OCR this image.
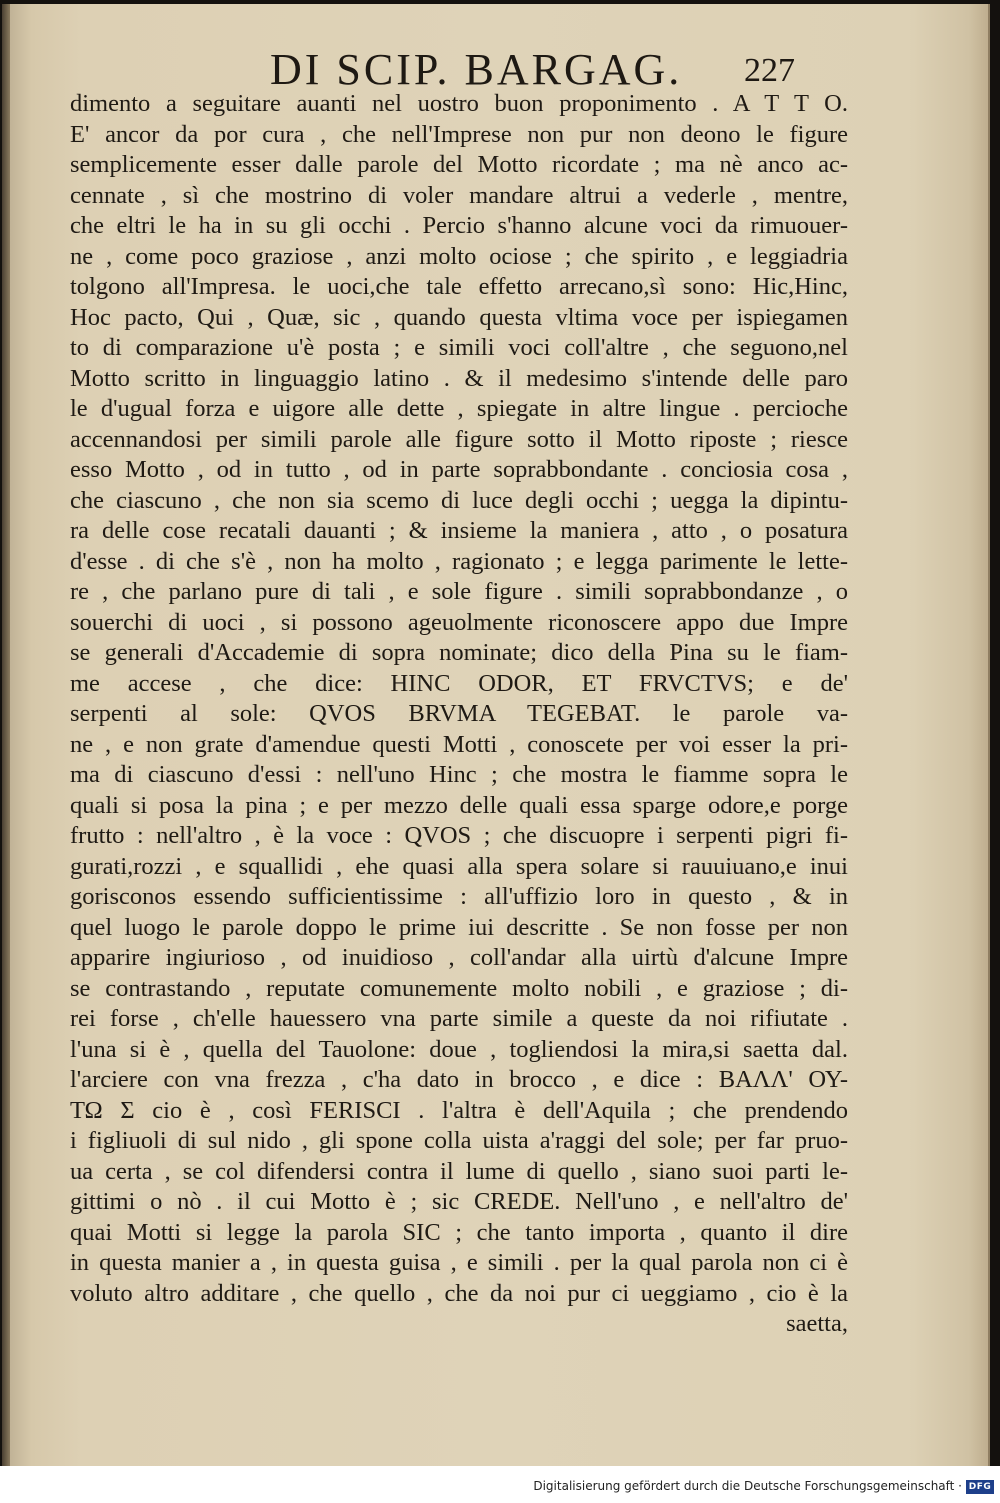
DI SCIP. BARGAG. 227
dimento a seguitare auanti nel uostro buon proponimento . A T T O.
E' ancor da por cura , che nell'Imprese non pur non deono le figure
semplicemente esser dalle parole del Motto ricordate ; ma nè anco ac-
cennate , sì che mostrino di voler mandare altrui a vederle , mentre,
che eltri le ha in su gli occhi . Percio s'hanno alcune voci da rimuouer-
ne , come poco graziose , anzi molto ociose ; che spirito , e leggiadria
tolgono all'Impresa. le uoci,che tale effetto arrecano,sì sono: Hic,Hinc,
Hoc pacto, Qui , Quæ, sic , quando questa vltima voce per ispiegamen
to di comparazione u'è posta ; e simili voci coll'altre , che seguono,nel
Motto scritto in linguaggio latino . & il medesimo s'intende delle paro
le d'ugual forza e uigore alle dette , spiegate in altre lingue . percioche
accennandosi per simili parole alle figure sotto il Motto riposte ; riesce
esso Motto , od in tutto , od in parte soprabbondante . conciosia cosa ,
che ciascuno , che non sia scemo di luce degli occhi ; uegga la dipintu-
ra delle cose recatali dauanti ; & insieme la maniera , atto , o posatura
d'esse . di che s'è , non ha molto , ragionato ; e legga parimente le lette-
re , che parlano pure di tali , e sole figure . simili soprabbondanze , o
souerchi di uoci , si possono ageuolmente riconoscere appo due Impre
se generali d'Accademie di sopra nominate; dico della Pina su le fiam-
me accese , che dice: HINC ODOR, ET FRVCTVS; e de'
serpenti al sole: QVOS BRVMA TEGEBAT. le parole va-
ne , e non grate d'amendue questi Motti , conoscete per voi esser la pri-
ma di ciascuno d'essi : nell'uno Hinc ; che mostra le fiamme sopra le
quali si posa la pina ; e per mezzo delle quali essa sparge odore,e porge
frutto : nell'altro , è la voce : QVOS ; che discuopre i serpenti pigri fi-
gurati,rozzi , e squallidi , ehe quasi alla spera solare si rauuiuano,e inui
gorisconos essendo sufficientissime : all'uffizio loro in questo , & in
quel luogo le parole doppo le prime iui descritte . Se non fosse per non
apparire ingiurioso , od inuidioso , coll'andar alla uirtù d'alcune Impre
se contrastando , reputate comunemente molto nobili , e graziose ; di-
rei forse , ch'elle hauessero vna parte simile a queste da noi rifiutate .
l'una si è , quella del Tauolone: doue , togliendosi la mira,si saetta dal.
l'arciere con vna frezza , c'ha dato in brocco , e dice : ΒΑΛΛ' ΟΥ-
ΤΩ Σ cio è , così FERISCI . l'altra è dell'Aquila ; che prendendo
i figliuoli di sul nido , gli spone colla uista a'raggi del sole; per far pruo-
ua certa , se col difendersi contra il lume di quello , siano suoi parti le-
gittimi o nò . il cui Motto è ; sic CREDE. Nell'uno , e nell'altro de'
quai Motti si legge la parola SIC ; che tanto importa , quanto il dire
in questa manier a , in questa guisa , e simili . per la qual parola non ci è
voluto altro additare , che quello , che da noi pur ci ueggiamo , cio è la
saetta,
Digitalisierung gefördert durch die Deutsche Forschungsgemeinschaft · DFG
